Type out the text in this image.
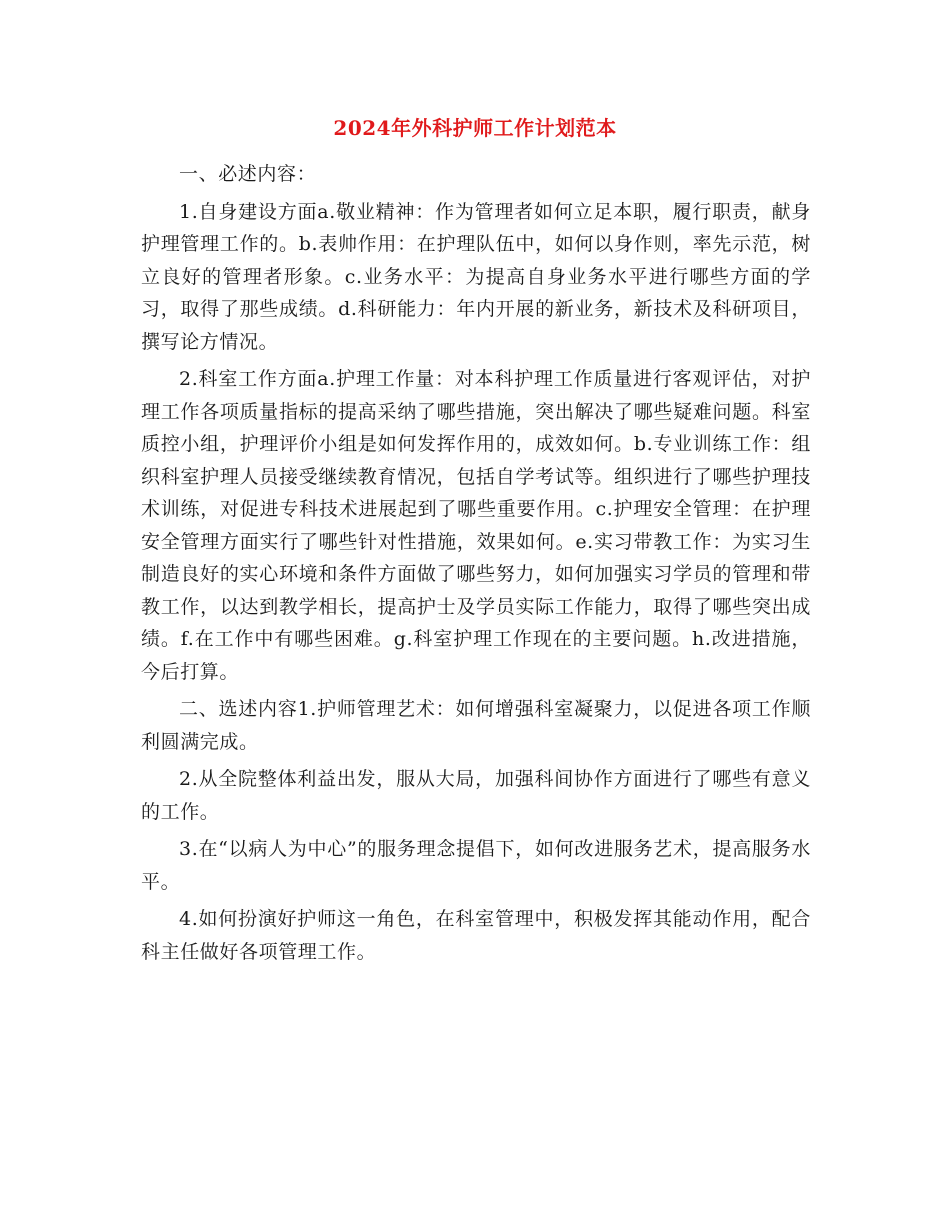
2024年外科护师工作计划范本

一、必述内容：

1.自身建设方面a.敬业精神：作为管理者如何立足本职，履行职责，献身护理管理工作的。b.表帅作用：在护理队伍中，如何以身作则，率先示范，树立良好的管理者形象。c.业务水平：为提高自身业务水平进行哪些方面的学习，取得了那些成绩。d.科研能力：年内开展的新业务，新技术及科研项目，撰写论方情况。

2.科室工作方面a.护理工作量：对本科护理工作质量进行客观评估，对护理工作各项质量指标的提高采纳了哪些措施，突出解决了哪些疑难问题。科室质控小组，护理评价小组是如何发挥作用的，成效如何。b.专业训练工作：组织科室护理人员接受继续教育情况，包括自学考试等。组织进行了哪些护理技术训练，对促进专科技术进展起到了哪些重要作用。c.护理安全管理：在护理安全管理方面实行了哪些针对性措施，效果如何。e.实习带教工作：为实习生制造良好的实心环境和条件方面做了哪些努力，如何加强实习学员的管理和带教工作，以达到教学相长，提高护士及学员实际工作能力，取得了哪些突出成绩。f.在工作中有哪些困难。g.科室护理工作现在的主要问题。h.改进措施，今后打算。

二、选述内容1.护师管理艺术：如何增强科室凝聚力，以促进各项工作顺利圆满完成。

2.从全院整体利益出发，服从大局，加强科间协作方面进行了哪些有意义的工作。

3.在“以病人为中心”的服务理念提倡下，如何改进服务艺术，提高服务水平。

4.如何扮演好护师这一角色，在科室管理中，积极发挥其能动作用，配合科主任做好各项管理工作。
